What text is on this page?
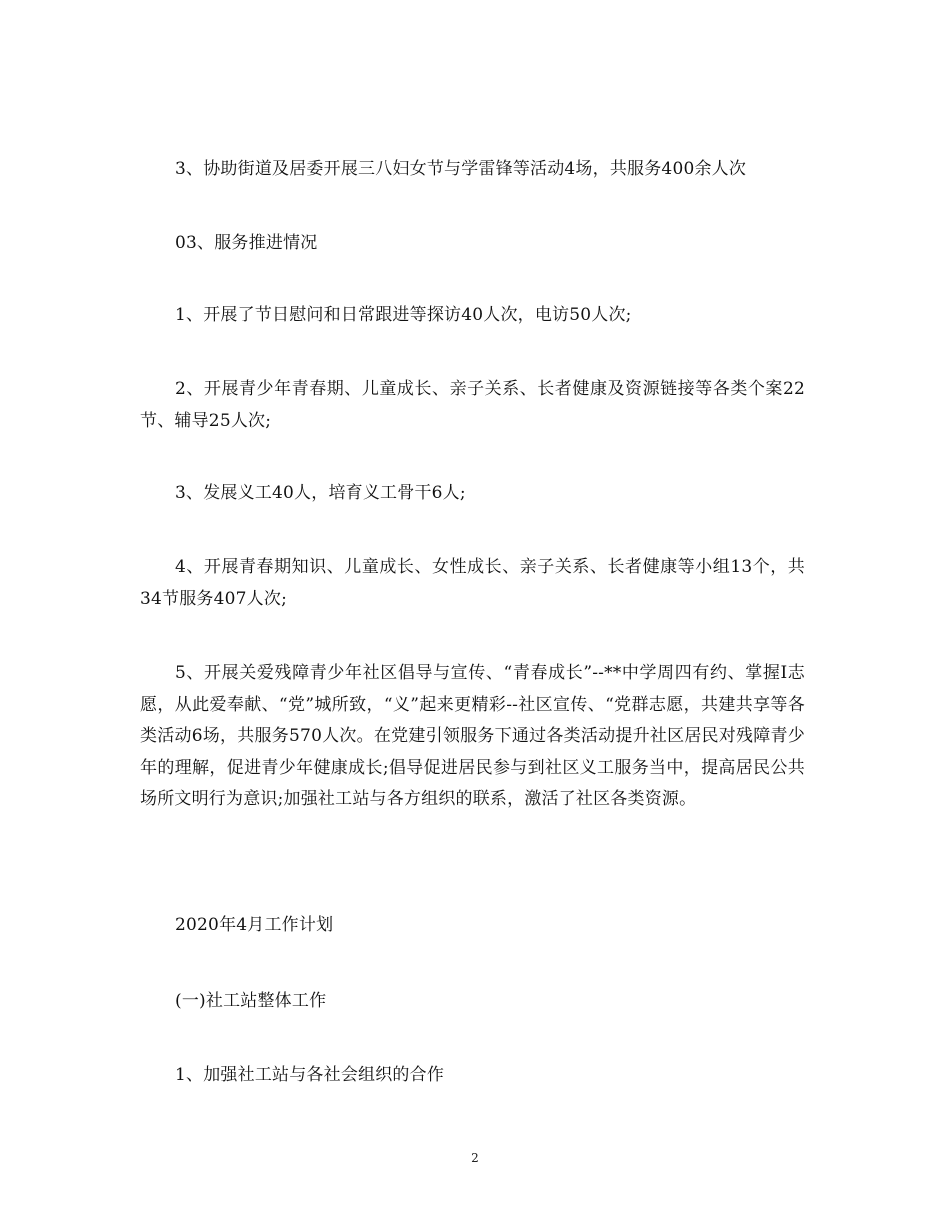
3、协助街道及居委开展三八妇女节与学雷锋等活动4场，共服务400余人次

03、服务推进情况

1、开展了节日慰问和日常跟进等探访40人次，电访50人次;

2、开展青少年青春期、儿童成长、亲子关系、长者健康及资源链接等各类个案22节、辅导25人次;

3、发展义工40人，培育义工骨干6人;

4、开展青春期知识、儿童成长、女性成长、亲子关系、长者健康等小组13个，共34节服务407人次;

5、开展关爱残障青少年社区倡导与宣传、“青春成长”--**中学周四有约、掌握I志愿，从此爱奉献、“党”城所致，“义”起来更精彩--社区宣传、“党群志愿，共建共享等各类活动6场，共服务570人次。在党建引领服务下通过各类活动提升社区居民对残障青少年的理解，促进青少年健康成长;倡导促进居民参与到社区义工服务当中，提高居民公共场所文明行为意识;加强社工站与各方组织的联系，激活了社区各类资源。

2020年4月工作计划

(一)社工站整体工作

1、加强社工站与各社会组织的合作

2
